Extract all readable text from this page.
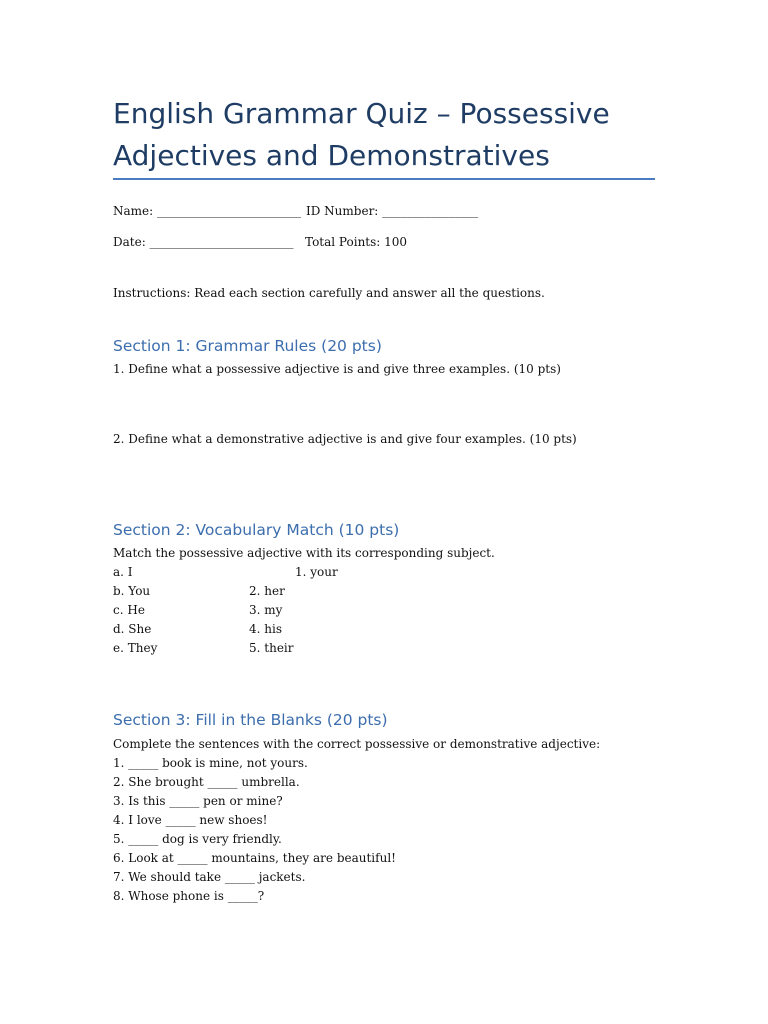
English Grammar Quiz – Possessive Adjectives and Demonstratives
Name: ________________________ ID Number: ________________
Date: ________________________ Total Points: 100
Instructions: Read each section carefully and answer all the questions.
Section 1: Grammar Rules (20 pts)
1. Define what a possessive adjective is and give three examples. (10 pts)
2. Define what a demonstrative adjective is and give four examples. (10 pts)
Section 2: Vocabulary Match (10 pts)
Match the possessive adjective with its corresponding subject.
a. I	1. your
b. You	2. her
c. He	3. my
d. She	4. his
e. They	5. their
Section 3: Fill in the Blanks (20 pts)
Complete the sentences with the correct possessive or demonstrative adjective:
1. _____ book is mine, not yours.
2. She brought _____ umbrella.
3. Is this _____ pen or mine?
4. I love _____ new shoes!
5. _____ dog is very friendly.
6. Look at _____ mountains, they are beautiful!
7. We should take _____ jackets.
8. Whose phone is _____?
